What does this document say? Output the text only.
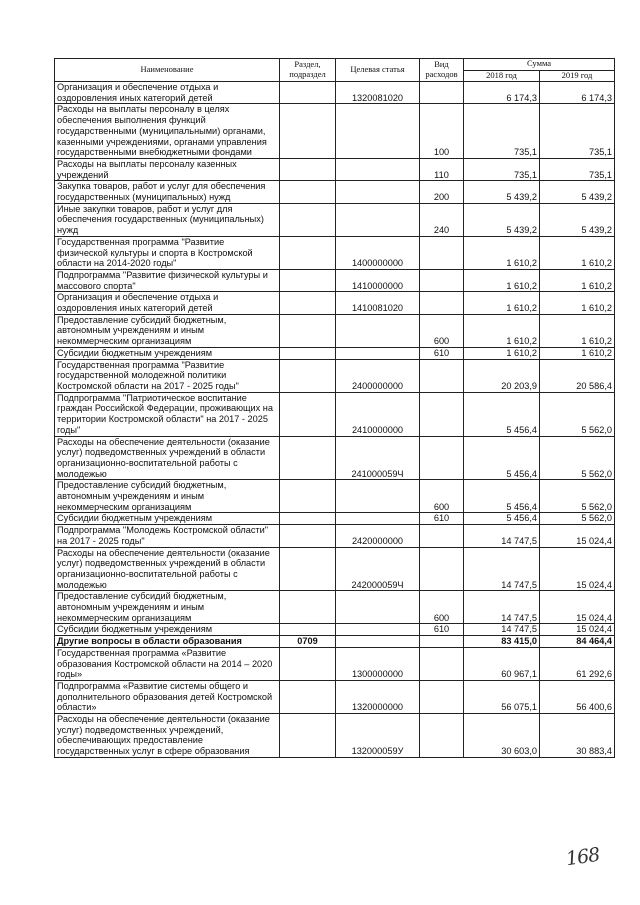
Наименование	Раздел, подраздел	Целевая статья	Вид расходов	Сумма	
				2018 год	2019 год
Организация и обеспечение отдыха и оздоровления иных категорий детей		1320081020		6 174,3	6 174,3
Расходы на выплаты персоналу в целях обеспечения выполнения функций государственными (муниципальными) органами, казенными учреждениями, органами управления государственными внебюджетными фондами			100	735,1	735,1
Расходы на выплаты персоналу казенных учреждений			110	735,1	735,1
Закупка товаров, работ и услуг для обеспечения государственных (муниципальных) нужд			200	5 439,2	5 439,2
Иные закупки товаров, работ и услуг для обеспечения государственных (муниципальных) нужд			240	5 439,2	5 439,2
Государственная программа "Развитие физической культуры и спорта в Костромской области на 2014-2020 годы"		1400000000		1 610,2	1 610,2
Подпрограмма "Развитие физической культуры и массового спорта"		1410000000		1 610,2	1 610,2
Организация и обеспечение отдыха и оздоровления иных категорий детей		1410081020		1 610,2	1 610,2
Предоставление субсидий бюджетным, автономным учреждениям и иным некоммерческим организациям			600	1 610,2	1 610,2
Субсидии бюджетным учреждениям			610	1 610,2	1 610,2
Государственная программа "Развитие государственной молодежной политики Костромской области на 2017 - 2025 годы"		2400000000		20 203,9	20 586,4
Подпрограмма "Патриотическое воспитание граждан Российской Федерации, проживающих на территории Костромской области" на 2017 - 2025 годы"		2410000000		5 456,4	5 562,0
Расходы на обеспечение деятельности (оказание услуг) подведомственных учреждений в области организационно-воспитательной работы с молодежью		241000059Ч		5 456,4	5 562,0
Предоставление субсидий бюджетным, автономным учреждениям и иным некоммерческим организациям			600	5 456,4	5 562,0
Субсидии бюджетным учреждениям			610	5 456,4	5 562,0
Подпрограмма "Молодежь Костромской области" на 2017 - 2025 годы"		2420000000		14 747,5	15 024,4
Расходы на обеспечение деятельности (оказание услуг) подведомственных учреждений в области организационно-воспитательной работы с молодежью		242000059Ч		14 747,5	15 024,4
Предоставление субсидий бюджетным, автономным учреждениям и иным некоммерческим организациям			600	14 747,5	15 024,4
Субсидии бюджетным учреждениям			610	14 747,5	15 024,4
Другие вопросы в области образования	0709			83 415,0	84 464,4
Государственная программа «Развитие образования Костромской области на 2014 – 2020 годы»		1300000000		60 967,1	61 292,6
Подпрограмма «Развитие системы общего и дополнительного образования детей Костромской области»		1320000000		56 075,1	56 400,6
Расходы на обеспечение деятельности (оказание услуг) подведомственных учреждений, обеспечивающих предоставление государственных услуг в сфере образования		132000059У		30 603,0	30 883,4
168
